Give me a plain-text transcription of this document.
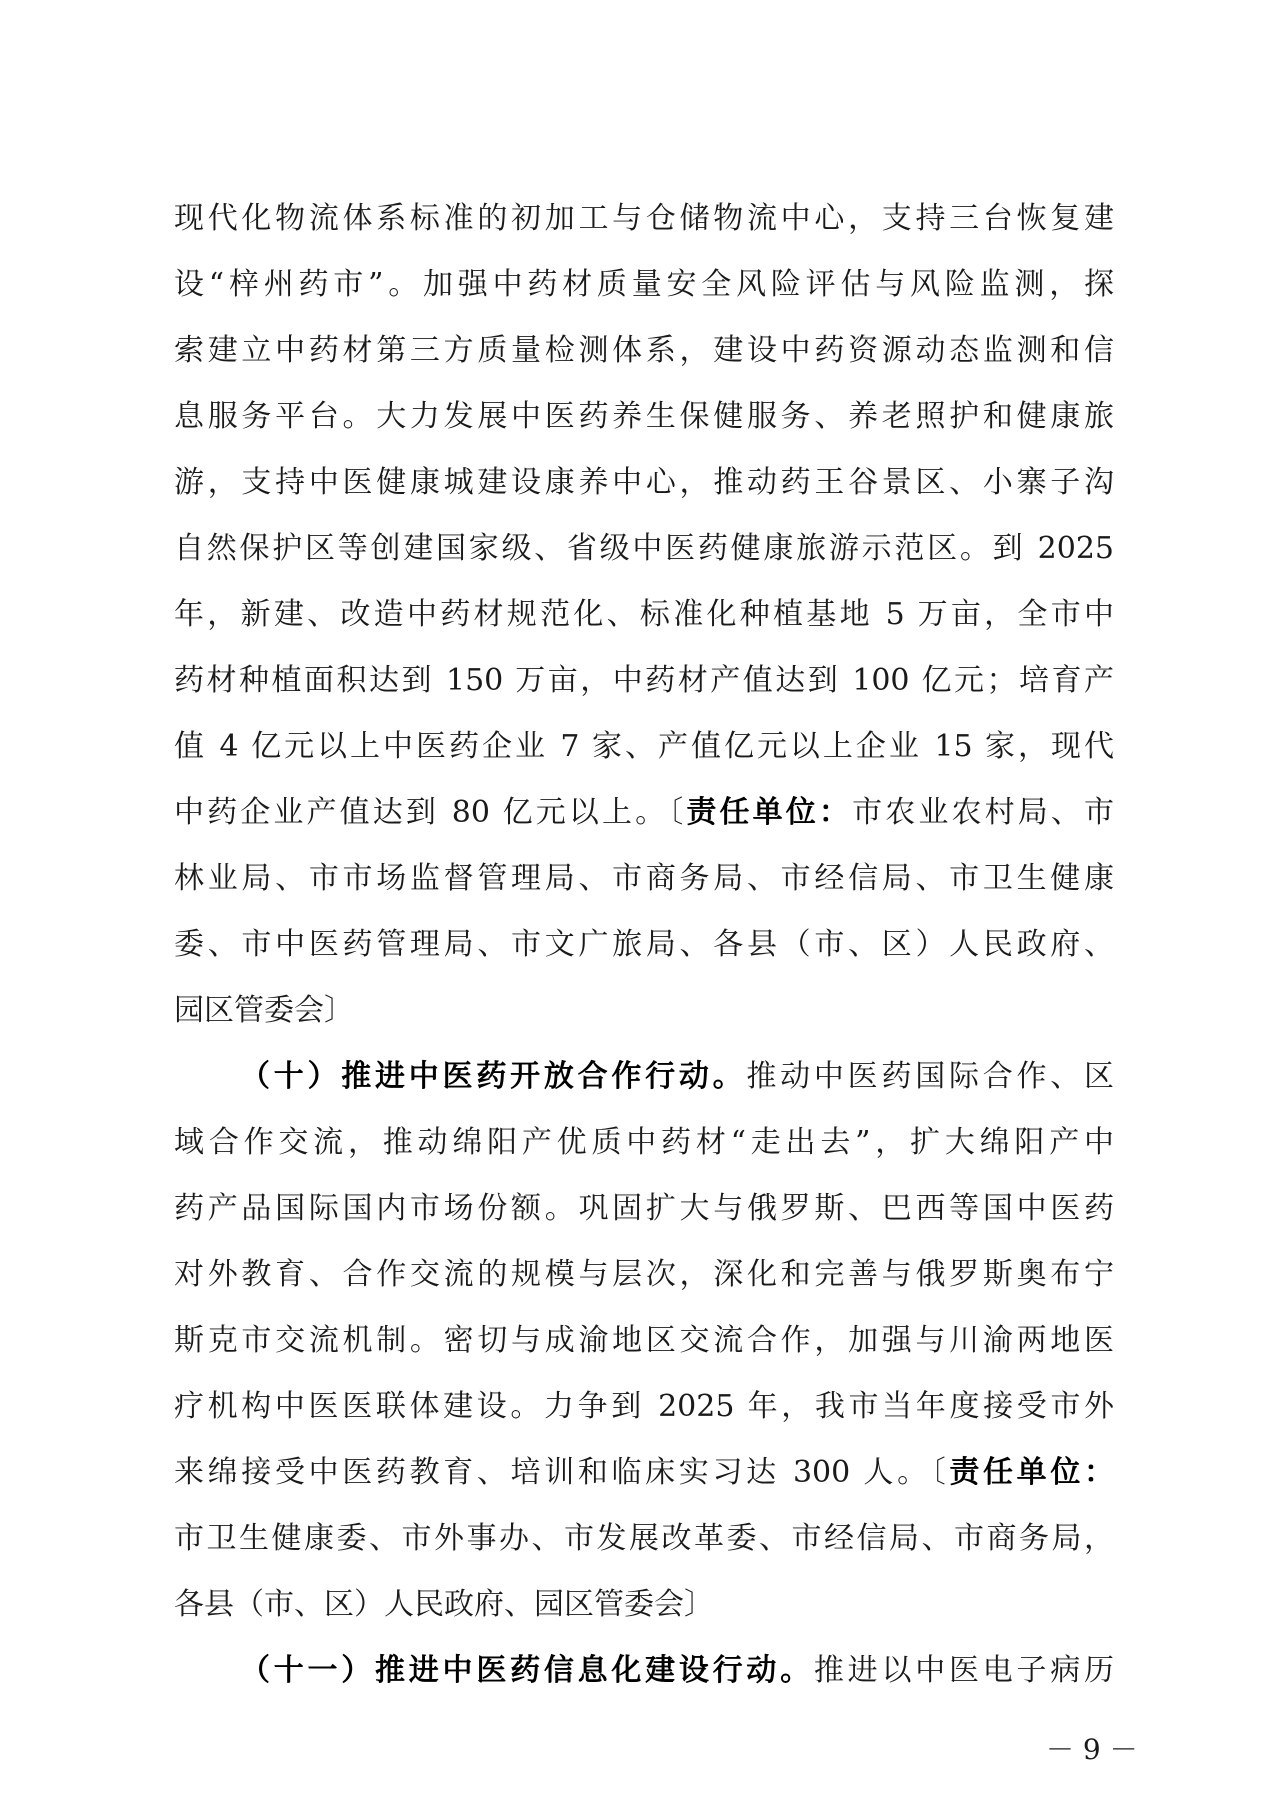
现代化物流体系标准的初加工与仓储物流中心，支持三台恢复建
设“梓州药市”。加强中药材质量安全风险评估与风险监测，探
索建立中药材第三方质量检测体系，建设中药资源动态监测和信
息服务平台。大力发展中医药养生保健服务、养老照护和健康旅
游，支持中医健康城建设康养中心，推动药王谷景区、小寨子沟
自然保护区等创建国家级、省级中医药健康旅游示范区。到 2025
年，新建、改造中药材规范化、标准化种植基地 5 万亩，全市中
药材种植面积达到 150 万亩，中药材产值达到 100 亿元；培育产
值 4 亿元以上中医药企业 7 家、产值亿元以上企业 15 家，现代
中药企业产值达到 80 亿元以上。〔责任单位：市农业农村局、市
林业局、市市场监督管理局、市商务局、市经信局、市卫生健康
委、市中医药管理局、市文广旅局、各县（市、区）人民政府、
园区管委会〕
（十）推进中医药开放合作行动。推动中医药国际合作、区
域合作交流，推动绵阳产优质中药材“走出去”，扩大绵阳产中
药产品国际国内市场份额。巩固扩大与俄罗斯、巴西等国中医药
对外教育、合作交流的规模与层次，深化和完善与俄罗斯奥布宁
斯克市交流机制。密切与成渝地区交流合作，加强与川渝两地医
疗机构中医医联体建设。力争到 2025 年，我市当年度接受市外
来绵接受中医药教育、培训和临床实习达 300 人。〔责任单位：
市卫生健康委、市外事办、市发展改革委、市经信局、市商务局，
各县（市、区）人民政府、园区管委会〕
（十一）推进中医药信息化建设行动。推进以中医电子病历
－ 9 －
